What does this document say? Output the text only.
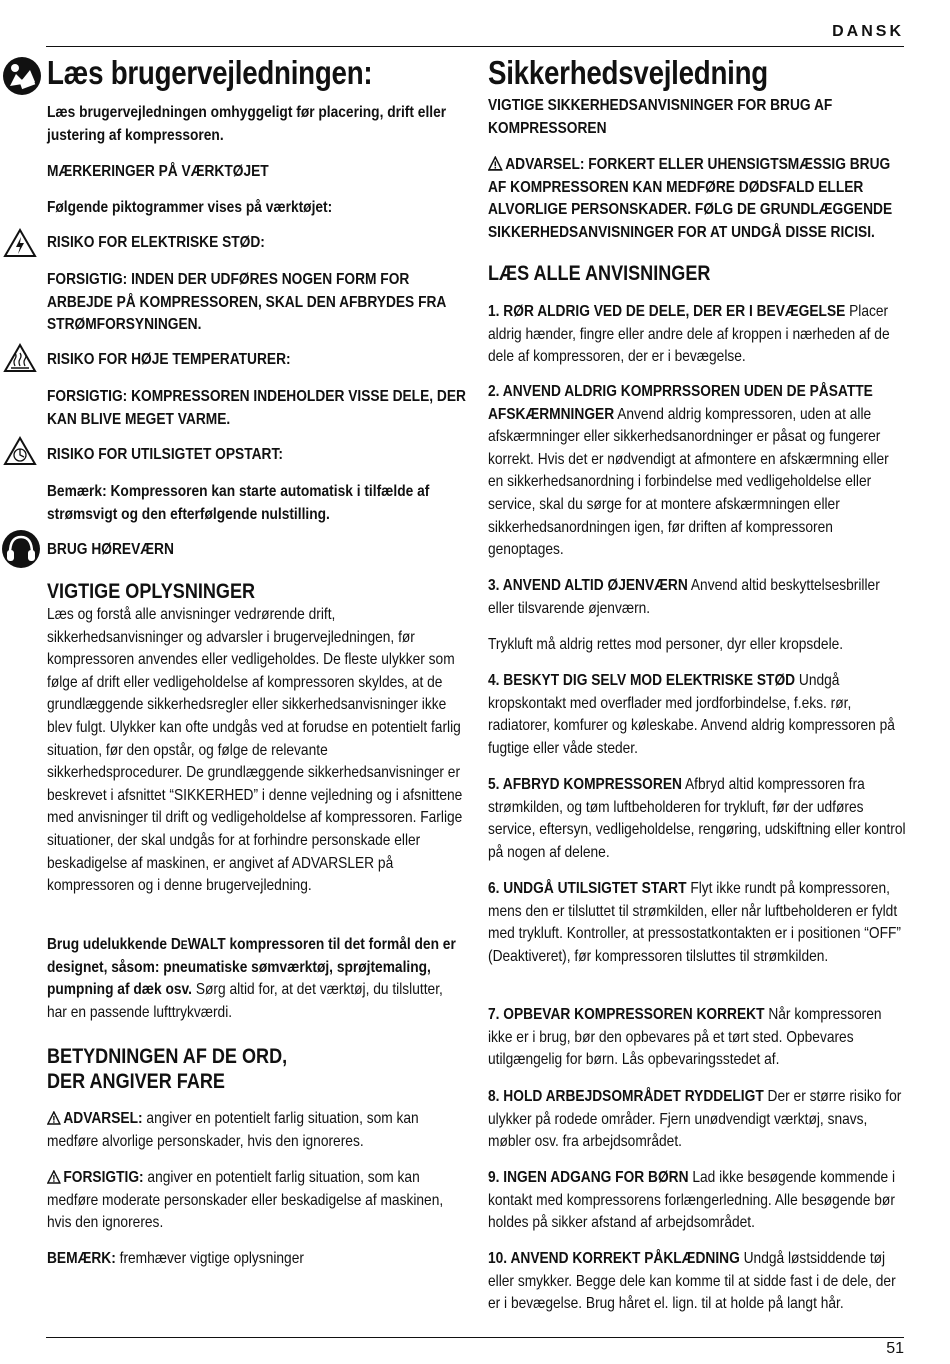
DANSK
Læs brugervejledningen:
Læs brugervejledningen omhyggeligt før placering, drift eller justering af kompressoren.
MÆRKERINGER PÅ VÆRKTØJET
Følgende piktogrammer vises på værktøjet:
RISIKO FOR ELEKTRISKE STØD:
FORSIGTIG: INDEN DER UDFØRES NOGEN FORM FOR ARBEJDE PÅ KOMPRESSOREN, SKAL DEN AFBRYDES FRA STRØMFORSYNINGEN.
RISIKO FOR HØJE TEMPERATURER:
FORSIGTIG: KOMPRESSOREN INDEHOLDER VISSE DELE, DER KAN BLIVE MEGET VARME.
RISIKO FOR UTILSIGTET OPSTART:
Bemærk: Kompressoren kan starte automatisk i tilfælde af strømsvigt og den efterfølgende nulstilling.
BRUG HØREVÆRN
VIGTIGE OPLYSNINGER
Læs og forstå alle anvisninger vedrørende drift, sikkerhedsanvisninger og advarsler i brugervejledningen, før kompressoren anvendes eller vedligeholdes. De fleste ulykker som følge af drift eller vedligeholdelse af kompressoren skyldes, at de grundlæggende sikkerhedsregler eller sikkerhedsanvisninger ikke blev fulgt. Ulykker kan ofte undgås ved at forudse en potentielt farlig situation, før den opstår, og følge de relevante sikkerhedsprocedurer. De grundlæggende sikkerhedsanvisninger er beskrevet i afsnittet “SIKKERHED” i denne vejledning og i afsnittene med anvisninger til drift og vedligeholdelse af kompressoren. Farlige situationer, der skal undgås for at forhindre personskade eller beskadigelse af maskinen, er angivet af ADVARSLER på kompressoren og i denne brugervejledning.
Brug udelukkende DEWALT kompressoren til det formål den er designet, såsom: pneumatiske sømværktøj, sprøjtemaling, pumpning af dæk osv. Sørg altid for, at det værktøj, du tilslutter, har en passende lufttrykværdi.
BETYDNINGEN AF DE ORD,
DER ANGIVER FARE
ADVARSEL: angiver en potentielt farlig situation, som kan medføre alvorlige personskader, hvis den ignoreres.
FORSIGTIG: angiver en potentielt farlig situation, som kan medføre moderate personskader eller beskadigelse af maskinen, hvis den ignoreres.
BEMÆRK: fremhæver vigtige oplysninger
Sikkerhedsvejledning
VIGTIGE SIKKERHEDSANVISNINGER FOR BRUG AF KOMPRESSOREN
ADVARSEL: FORKERT ELLER UHENSIGTSMÆSSIG BRUG AF KOMPRESSOREN KAN MEDFØRE DØDSFALD ELLER ALVORLIGE PERSONSKADER. FØLG DE GRUNDLÆGGENDE SIKKERHEDSANVISNINGER FOR AT UNDGÅ DISSE RICISI.
LÆS ALLE ANVISNINGER
1. RØR ALDRIG VED DE DELE, DER ER I BEVÆGELSE Placer aldrig hænder, fingre eller andre dele af kroppen i nærheden af de dele af kompressoren, der er i bevægelse.
2. ANVEND ALDRIG KOMPRRSSOREN UDEN DE PÅSATTE AFSKÆRMNINGER Anvend aldrig kompressoren, uden at alle afskærmninger eller sikkerhedsanordninger er påsat og fungerer korrekt. Hvis det er nødvendigt at afmontere en afskærmning eller en sikkerhedsanordning i forbindelse med vedligeholdelse eller service, skal du sørge for at montere afskærmningen eller sikkerhedsanordningen igen, før driften af kompressoren genoptages.
3. ANVEND ALTID ØJENVÆRN Anvend altid beskyttelsesbriller eller tilsvarende øjenværn.
Trykluft må aldrig rettes mod personer, dyr eller kropsdele.
4. BESKYT DIG SELV MOD ELEKTRISKE STØD Undgå kropskontakt med overflader med jordforbindelse, f.eks. rør, radiatorer, komfurer og køleskabe. Anvend aldrig kompressoren på fugtige eller våde steder.
5. AFBRYD KOMPRESSOREN Afbryd altid kompressoren fra strømkilden, og tøm luftbeholderen for trykluft, før der udføres service, eftersyn, vedligeholdelse, rengøring, udskiftning eller kontrol på nogen af delene.
6. UNDGÅ UTILSIGTET START Flyt ikke rundt på kompressoren, mens den er tilsluttet til strømkilden, eller når luftbeholderen er fyldt med trykluft. Kontroller, at pressostatkontakten er i positionen “OFF” (Deaktiveret), før kompressoren tilsluttes til strømkilden.
7. OPBEVAR KOMPRESSOREN KORREKT Når kompressoren ikke er i brug, bør den opbevares på et tørt sted. Opbevares utilgængelig for børn. Lås opbevaringsstedet af.
8. HOLD ARBEJDSOMRÅDET RYDDELIGT Der er større risiko for ulykker på rodede områder. Fjern unødvendigt værktøj, snavs, møbler osv. fra arbejdsområdet.
9. INGEN ADGANG FOR BØRN Lad ikke besøgende kommende i kontakt med kompressorens forlængerledning. Alle besøgende bør holdes på sikker afstand af arbejdsområdet.
10. ANVEND KORREKT PÅKLÆDNING Undgå løstsiddende tøj eller smykker. Begge dele kan komme til at sidde fast i de dele, der er i bevægelse. Brug håret el. lign. til at holde på langt hår.
51
